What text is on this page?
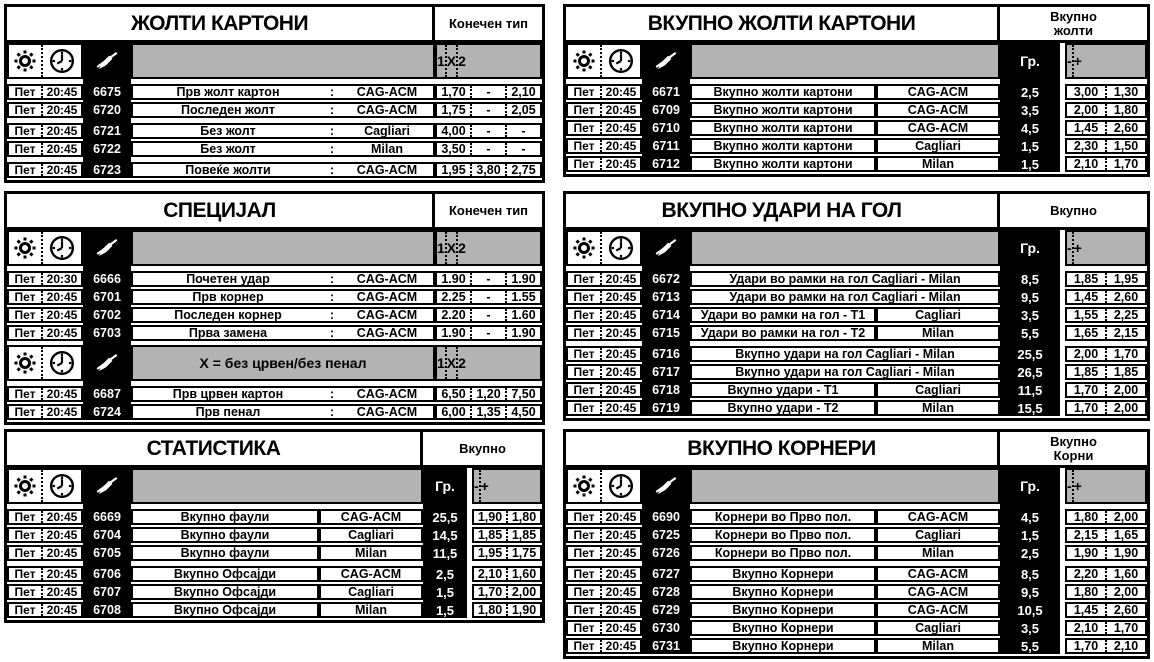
ЖОЛТИ КАРТОНИ	Конечен тип
1 X 2
Пет 20:45	6675	Прв жолт картон	:	CAG-ACM	1,70	-	2,10
Пет 20:45	6720	Последен жолт	:	CAG-ACM	1,75	-	2,05
Пет 20:45	6721	Без жолт	:	Cagliari	4,00	-	-
Пет 20:45	6722	Без жолт	:	Milan	3,50	-	-
Пет 20:45	6723	Повеќе жолти	:	CAG-ACM	1,95 3,80 2,75
ВКУПНО ЖОЛТИ КАРТОНИ	Вкупно
жолти
Гр.	- +
Пет 20:45	6671	Вкупно жолти картони	CAG-ACM	2,5	3,00	1,30
Пет 20:45	6709	Вкупно жолти картони	CAG-ACM	3,5	2,00	1,80
Пет 20:45	6710	Вкупно жолти картони	CAG-ACM	4,5	1,45	2,60
Пет 20:45	6711	Вкупно жолти картони	Cagliari	1,5	2,30	1,50
Пет 20:45	6712	Вкупно жолти картони	Milan	1,5	2,10	1,70
СПЕЦИЈАЛ	Конечен тип
1 X 2
Пет 20:30	6666	Почетен удар	:	CAG-ACM	1.90	-	1.90
Пет 20:45	6701	Прв корнер	:	CAG-ACM	2.25	-	1.55
Пет 20:45	6702	Последен корнер	:	CAG-ACM	2.20	-	1.60
Пет 20:45	6703	Прва замена	:	CAG-ACM	1.90	-	1.90
Х = без црвен/без пенал	1 X 2
Пет 20:45	6687	Прв црвен картон	:	CAG-ACM	6,50 1,20 7,50
Пет 20:45	6724	Прв пенал	:	CAG-ACM	6,00 1,35 4,50
ВКУПНО УДАРИ НА ГОЛ	Вкупно
Гр.	- +
Пет 20:45	6672	Удари во рамки на гол Cagliari - Milan	8,5	1,85	1,95
Пет 20:45	6713	Удари во рамки на гол Cagliari - Milan	9,5	1,45	2,60
Пет 20:45	6714	Удари во рамки на гол - Т1	Cagliari	3,5	1,55	2,25
Пет 20:45	6715	Удари во рамки на гол - Т2	Milan	5,5	1,65	2,15
Пет 20:45	6716	Вкупно удари на гол Cagliari - Milan	25,5	2,00	1,70
Пет 20:45	6717	Вкупно удари на гол Cagliari - Milan	26,5	1,85	1,85
Пет 20:45	6718	Вкупно удари - Т1	Cagliari	11,5	1,70	2,00
Пет 20:45	6719	Вкупно удари - Т2	Milan	15,5	1,70	2,00
СТАТИСТИКА	Вкупно
Гр.	- +
Пет 20:45	6669	Вкупно фаули	CAG-ACM	25,5	1,90 1,80
Пет 20:45	6704	Вкупно фаули	Cagliari	14,5	1,85 1,85
Пет 20:45	6705	Вкупно фаули	Milan	11,5	1,95 1,75
Пет 20:45	6706	Вкупно Офсајди	CAG-ACM	2,5	2,10 1,60
Пет 20:45	6707	Вкупно Офсајди	Cagliari	1,5	1,70 2,00
Пет 20:45	6708	Вкупно Офсајди	Milan	1,5	1,80 1,90
ВКУПНО КОРНЕРИ	Вкупно
Корни
Гр.	- +
Пет 20:45	6690	Корнери во Прво пол.	CAG-ACM	4,5	1,80	2,00
Пет 20:45	6725	Корнери во Прво пол.	Cagliari	1,5	2,15	1,65
Пет 20:45	6726	Корнери во Прво пол.	Milan	2,5	1,90	1,90
Пет 20:45	6727	Вкупно Корнери	CAG-ACM	8,5	2,20	1,60
Пет 20:45	6728	Вкупно Корнери	CAG-ACM	9,5	1,80	2,00
Пет 20:45	6729	Вкупно Корнери	CAG-ACM	10,5	1,45	2,60
Пет 20:45	6730	Вкупно Корнери	Cagliari	3,5	2,10	1,70
Пет 20:45	6731	Вкупно Корнери	Milan	5,5	1,70	2,10
